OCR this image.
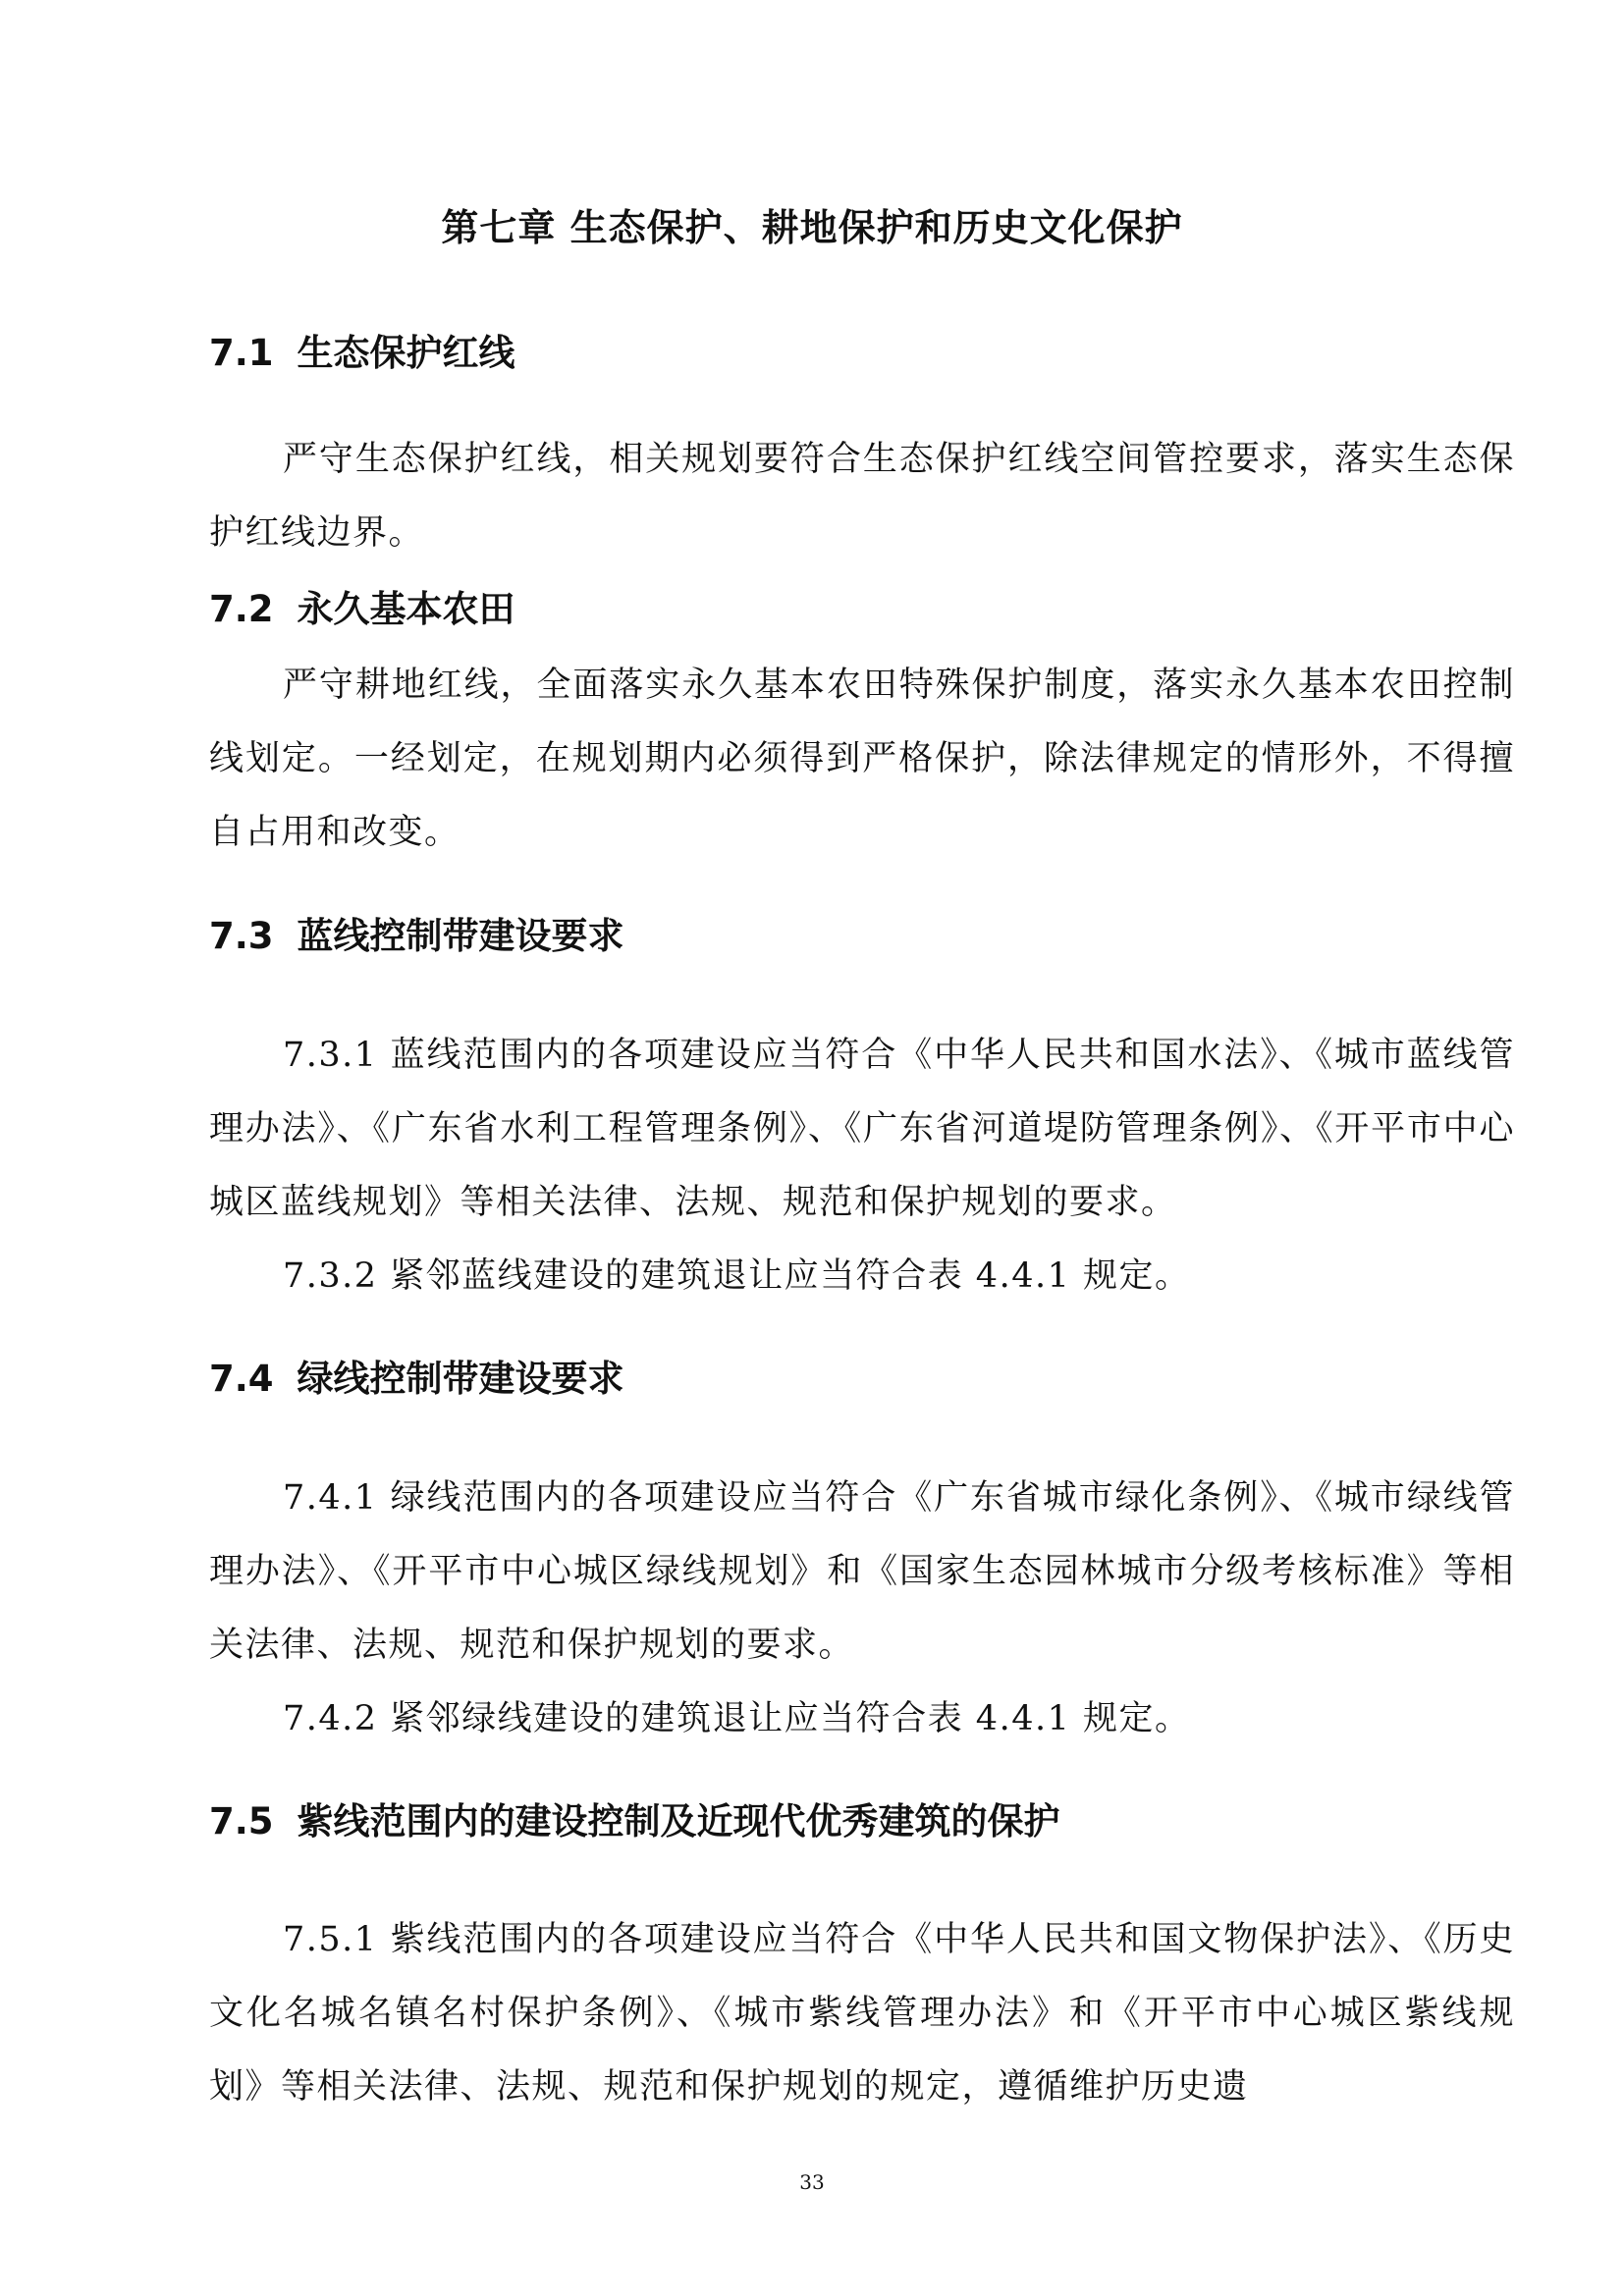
第七章 生态保护、耕地保护和历史文化保护
7.1 生态保护红线

严守生态保护红线，相关规划要符合生态保护红线空间管控要求，落实生态保护红线边界。

7.2 永久基本农田

严守耕地红线，全面落实永久基本农田特殊保护制度，落实永久基本农田控制线划定。一经划定，在规划期内必须得到严格保护，除法律规定的情形外，不得擅自占用和改变。

7.3 蓝线控制带建设要求

7.3.1 蓝线范围内的各项建设应当符合《中华人民共和国水法》、《城市蓝线管理办法》、《广东省水利工程管理条例》、《广东省河道堤防管理条例》、《开平市中心城区蓝线规划》等相关法律、法规、规范和保护规划的要求。

7.3.2 紧邻蓝线建设的建筑退让应当符合表 4.4.1 规定。

7.4 绿线控制带建设要求

7.4.1 绿线范围内的各项建设应当符合《广东省城市绿化条例》、《城市绿线管理办法》、《开平市中心城区绿线规划》和《国家生态园林城市分级考核标准》等相关法律、法规、规范和保护规划的要求。

7.4.2 紧邻绿线建设的建筑退让应当符合表 4.4.1 规定。

7.5 紫线范围内的建设控制及近现代优秀建筑的保护

7.5.1 紫线范围内的各项建设应当符合《中华人民共和国文物保护法》、《历史文化名城名镇名村保护条例》、《城市紫线管理办法》和《开平市中心城区紫线规划》等相关法律、法规、规范和保护规划的规定，遵循维护历史遗

33
